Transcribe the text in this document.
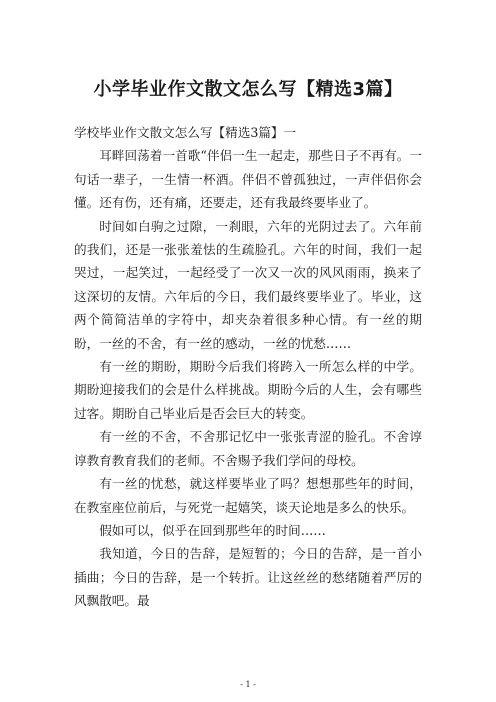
小学毕业作文散文怎么写【精选3篇】

学校毕业作文散文怎么写【精选3篇】一

耳畔回荡着一首歌“伴侣一生一起走，那些日子不再有。一句话一辈子，一生情一杯酒。伴侣不曾孤独过，一声伴侣你会懂。还有伤，还有痛，还要走，还有我最终要毕业了。

时间如白驹之过隙，一刹眼，六年的光阴过去了。六年前的我们，还是一张张羞怯的生疏脸孔。六年的时间，我们一起哭过，一起笑过，一起经受了一次又一次的风风雨雨，换来了这深切的友情。六年后的今日，我们最终要毕业了。毕业，这两个简简洁单的字符中，却夹杂着很多种心情。有一丝的期盼，一丝的不舍，有一丝的感动，一丝的忧愁……

有一丝的期盼，期盼今后我们将跨入一所怎么样的中学。期盼迎接我们的会是什么样挑战。期盼今后的人生，会有哪些过客。期盼自己毕业后是否会巨大的转变。

有一丝的不舍，不舍那记忆中一张张青涩的脸孔。不舍谆谆教育教育我们的老师。不舍赐予我们学问的母校。

有一丝的忧愁，就这样要毕业了吗？想想那些年的时间，在教室座位前后，与死党一起嬉笑，谈天论地是多么的快乐。

假如可以，似乎在回到那些年的时间……

我知道，今日的告辞，是短暂的；今日的告辞，是一首小插曲；今日的告辞，是一个转折。让这丝丝的愁绪随着严厉的风飘散吧。最

- 1 -
